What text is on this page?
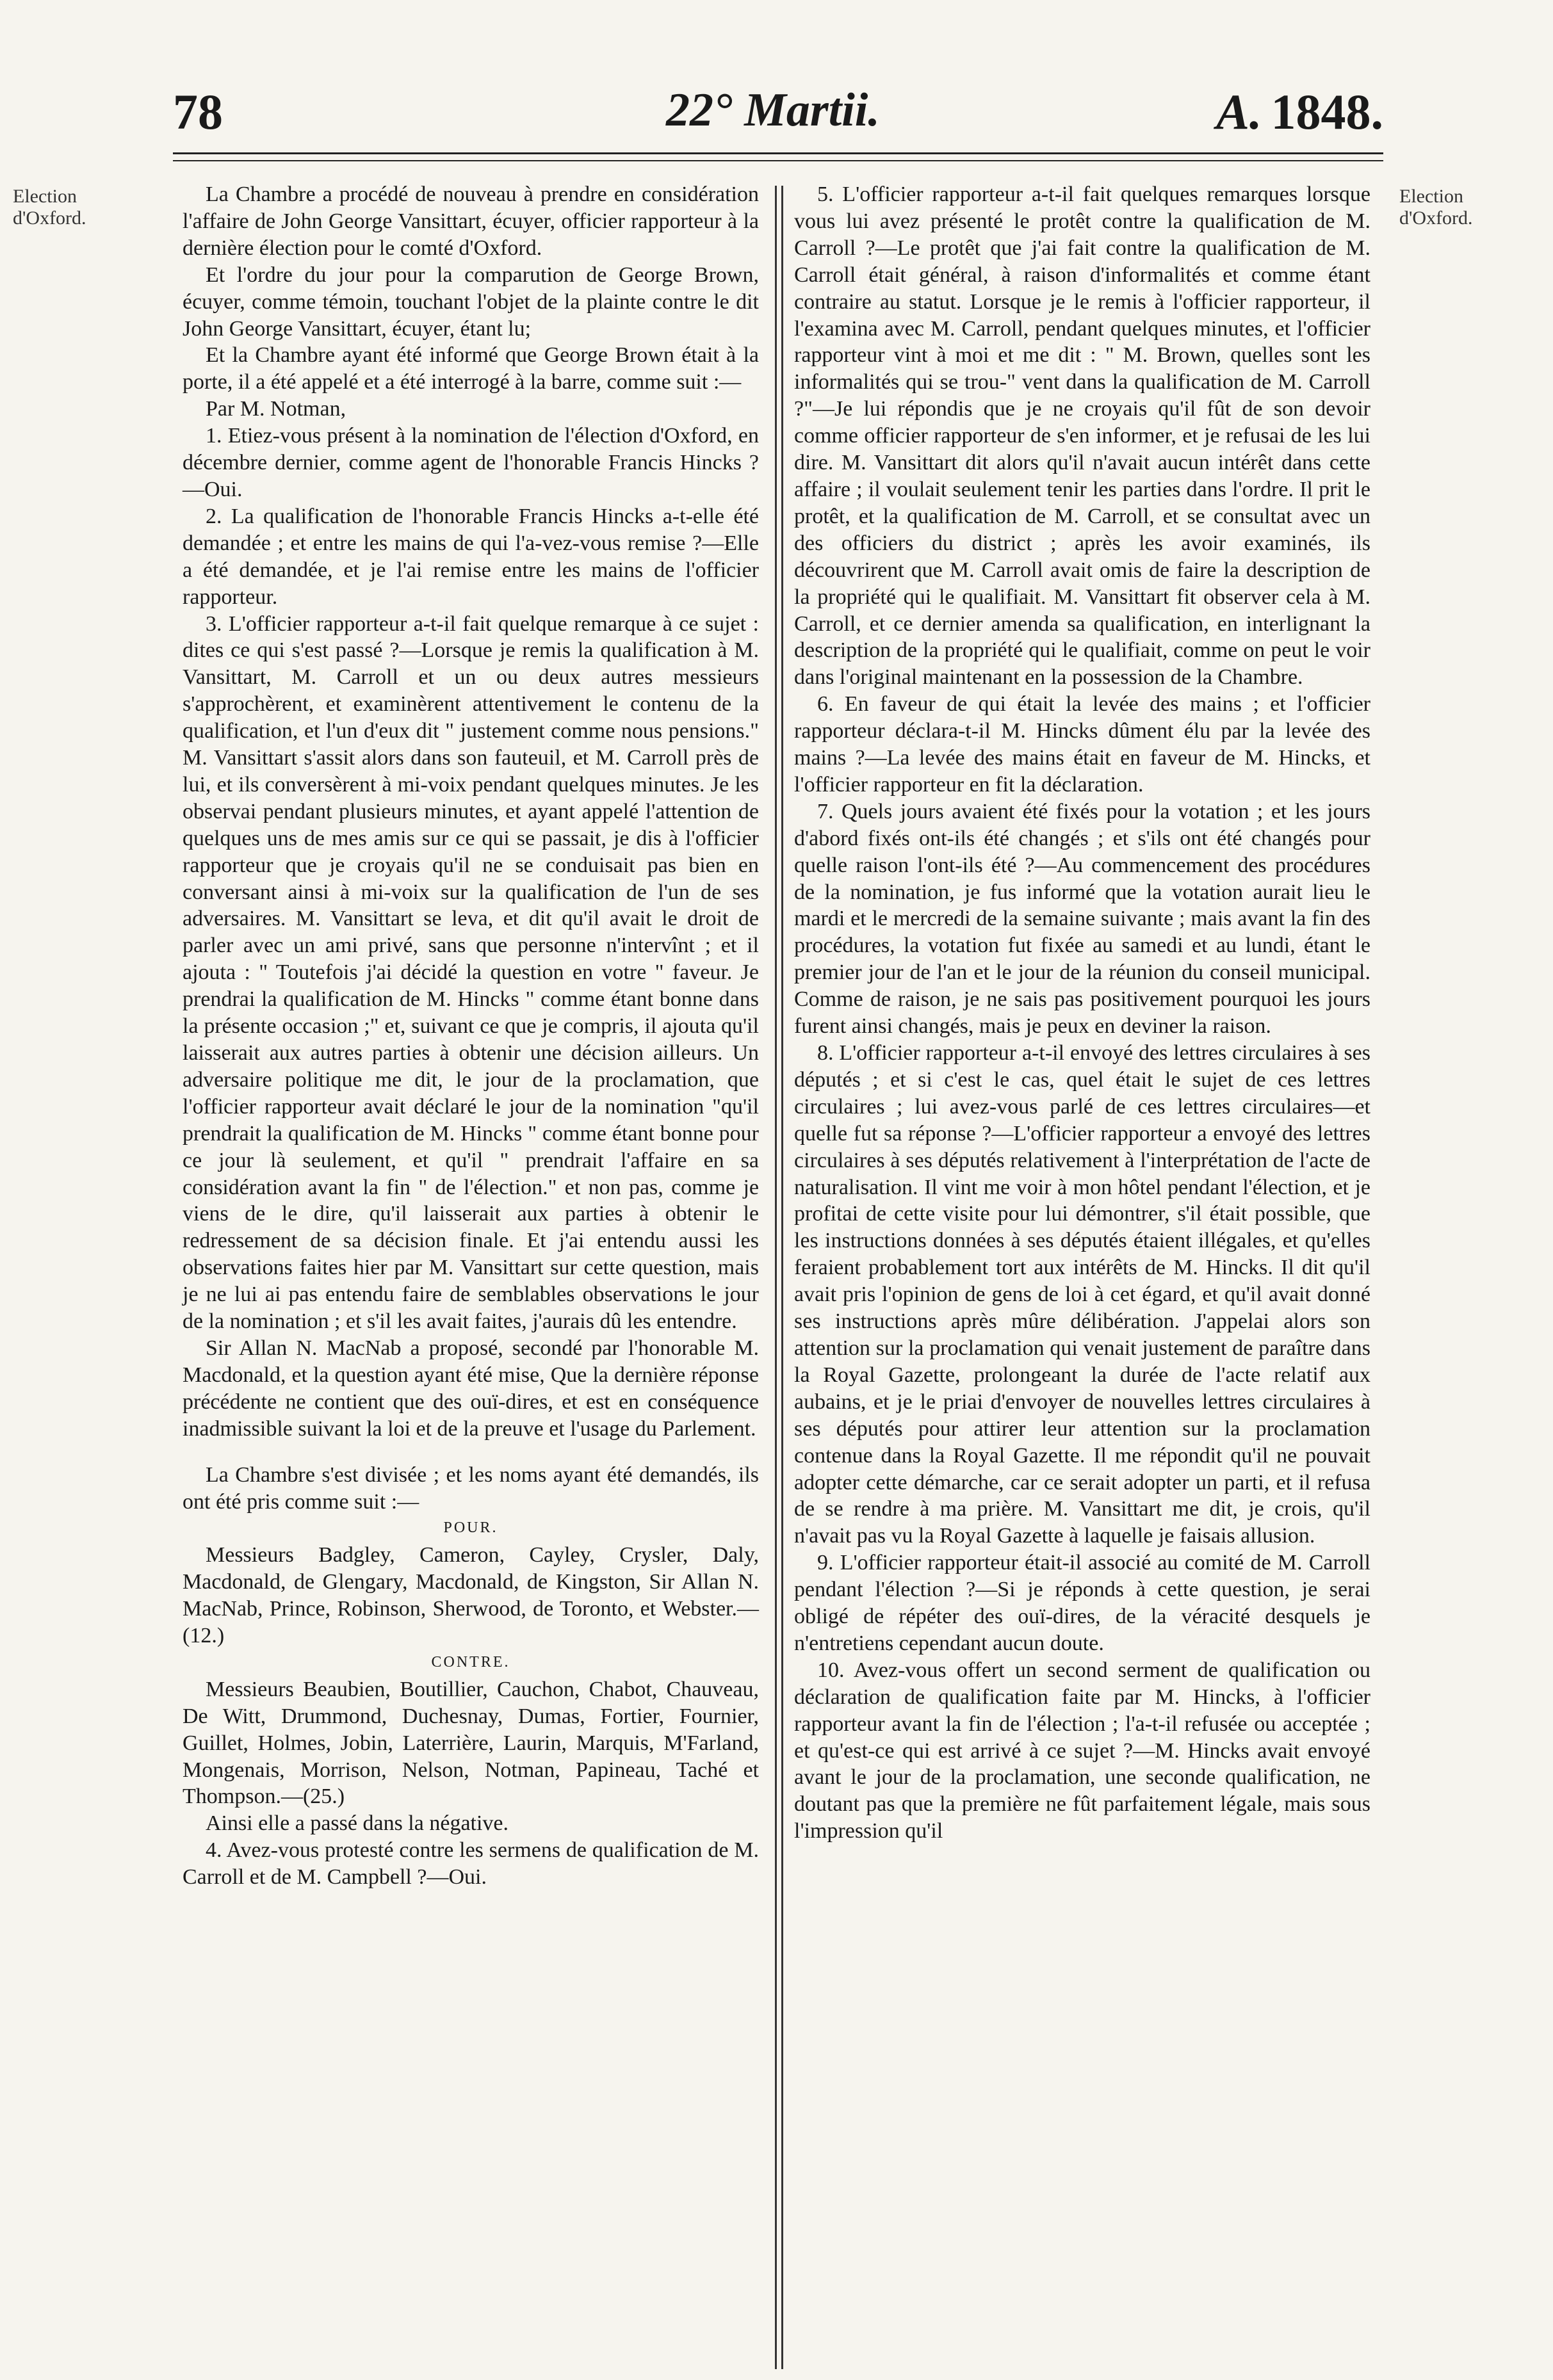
78	22° Martii.	A. 1848.
Election d'Oxford.
Election d'Oxford.

La Chambre a procédé de nouveau à prendre en considération l'affaire de John George Vansittart, écuyer, officier rapporteur à la dernière élection pour le comté d'Oxford.

Et l'ordre du jour pour la comparution de George Brown, écuyer, comme témoin, touchant l'objet de la plainte contre le dit John George Vansittart, écuyer, étant lu;

Et la Chambre ayant été informé que George Brown était à la porte, il a été appelé et a été interrogé à la barre, comme suit :—

Par M. Notman,

1. Etiez-vous présent à la nomination de l'élection d'Oxford, en décembre dernier, comme agent de l'honorable Francis Hincks ?—Oui.

2. La qualification de l'honorable Francis Hincks a-t-elle été demandée ; et entre les mains de qui l'a-vez-vous remise ?—Elle a été demandée, et je l'ai remise entre les mains de l'officier rapporteur.

3. L'officier rapporteur a-t-il fait quelque remarque à ce sujet : dites ce qui s'est passé ?—Lorsque je remis la qualification à M. Vansittart, M. Carroll et un ou deux autres messieurs s'approchèrent, et examinèrent attentivement le contenu de la qualification, et l'un d'eux dit " justement comme nous pensions." M. Vansittart s'assit alors dans son fauteuil, et M. Carroll près de lui, et ils conversèrent à mi-voix pendant quelques minutes. Je les observai pendant plusieurs minutes, et ayant appelé l'attention de quelques uns de mes amis sur ce qui se passait, je dis à l'officier rapporteur que je croyais qu'il ne se conduisait pas bien en conversant ainsi à mi-voix sur la qualification de l'un de ses adversaires. M. Vansittart se leva, et dit qu'il avait le droit de parler avec un ami privé, sans que personne n'intervînt ; et il ajouta : " Toutefois j'ai décidé la question en votre " faveur. Je prendrai la qualification de M. Hincks " comme étant bonne dans la présente occasion ;" et, suivant ce que je compris, il ajouta qu'il laisserait aux autres parties à obtenir une décision ailleurs. Un adversaire politique me dit, le jour de la proclamation, que l'officier rapporteur avait déclaré le jour de la nomination "qu'il prendrait la qualification de M. Hincks " comme étant bonne pour ce jour là seulement, et qu'il " prendrait l'affaire en sa considération avant la fin " de l'élection." et non pas, comme je viens de le dire, qu'il laisserait aux parties à obtenir le redressement de sa décision finale. Et j'ai entendu aussi les observations faites hier par M. Vansittart sur cette question, mais je ne lui ai pas entendu faire de semblables observations le jour de la nomination ; et s'il les avait faites, j'aurais dû les entendre.

Sir Allan N. MacNab a proposé, secondé par l'honorable M. Macdonald, et la question ayant été mise, Que la dernière réponse précédente ne contient que des ouï-dires, et est en conséquence inadmissible suivant la loi et de la preuve et l'usage du Parlement.

La Chambre s'est divisée ; et les noms ayant été demandés, ils ont été pris comme suit :—

POUR.

Messieurs Badgley, Cameron, Cayley, Crysler, Daly, Macdonald, de Glengary, Macdonald, de Kingston, Sir Allan N. MacNab, Prince, Robinson, Sherwood, de Toronto, et Webster.—(12.)

CONTRE.

Messieurs Beaubien, Boutillier, Cauchon, Chabot, Chauveau, De Witt, Drummond, Duchesnay, Dumas, Fortier, Fournier, Guillet, Holmes, Jobin, Laterrière, Laurin, Marquis, M'Farland, Mongenais, Morrison, Nelson, Notman, Papineau, Taché et Thompson.—(25.)

Ainsi elle a passé dans la négative.

4. Avez-vous protesté contre les sermens de qualification de M. Carroll et de M. Campbell ?—Oui.

5. L'officier rapporteur a-t-il fait quelques remarques lorsque vous lui avez présenté le protêt contre la qualification de M. Carroll ?—Le protêt que j'ai fait contre la qualification de M. Carroll était général, à raison d'informalités et comme étant contraire au statut. Lorsque je le remis à l'officier rapporteur, il l'examina avec M. Carroll, pendant quelques minutes, et l'officier rapporteur vint à moi et me dit : " M. Brown, quelles sont les informalités qui se trou-" vent dans la qualification de M. Carroll ?"—Je lui répondis que je ne croyais qu'il fût de son devoir comme officier rapporteur de s'en informer, et je refusai de les lui dire. M. Vansittart dit alors qu'il n'avait aucun intérêt dans cette affaire ; il voulait seulement tenir les parties dans l'ordre. Il prit le protêt, et la qualification de M. Carroll, et se consultat avec un des officiers du district ; après les avoir examinés, ils découvrirent que M. Carroll avait omis de faire la description de la propriété qui le qualifiait. M. Vansittart fit observer cela à M. Carroll, et ce dernier amenda sa qualification, en interlignant la description de la propriété qui le qualifiait, comme on peut le voir dans l'original maintenant en la possession de la Chambre.

6. En faveur de qui était la levée des mains ; et l'officier rapporteur déclara-t-il M. Hincks dûment élu par la levée des mains ?—La levée des mains était en faveur de M. Hincks, et l'officier rapporteur en fit la déclaration.

7. Quels jours avaient été fixés pour la votation ; et les jours d'abord fixés ont-ils été changés ; et s'ils ont été changés pour quelle raison l'ont-ils été ?—Au commencement des procédures de la nomination, je fus informé que la votation aurait lieu le mardi et le mercredi de la semaine suivante ; mais avant la fin des procédures, la votation fut fixée au samedi et au lundi, étant le premier jour de l'an et le jour de la réunion du conseil municipal. Comme de raison, je ne sais pas positivement pourquoi les jours furent ainsi changés, mais je peux en deviner la raison.

8. L'officier rapporteur a-t-il envoyé des lettres circulaires à ses députés ; et si c'est le cas, quel était le sujet de ces lettres circulaires ; lui avez-vous parlé de ces lettres circulaires—et quelle fut sa réponse ?—L'officier rapporteur a envoyé des lettres circulaires à ses députés relativement à l'interprétation de l'acte de naturalisation. Il vint me voir à mon hôtel pendant l'élection, et je profitai de cette visite pour lui démontrer, s'il était possible, que les instructions données à ses députés étaient illégales, et qu'elles feraient probablement tort aux intérêts de M. Hincks. Il dit qu'il avait pris l'opinion de gens de loi à cet égard, et qu'il avait donné ses instructions après mûre délibération. J'appelai alors son attention sur la proclamation qui venait justement de paraître dans la Royal Gazette, prolongeant la durée de l'acte relatif aux aubains, et je le priai d'envoyer de nouvelles lettres circulaires à ses députés pour attirer leur attention sur la proclamation contenue dans la Royal Gazette. Il me répondit qu'il ne pouvait adopter cette démarche, car ce serait adopter un parti, et il refusa de se rendre à ma prière. M. Vansittart me dit, je crois, qu'il n'avait pas vu la Royal Gazette à laquelle je faisais allusion.

9. L'officier rapporteur était-il associé au comité de M. Carroll pendant l'élection ?—Si je réponds à cette question, je serai obligé de répéter des ouï-dires, de la véracité desquels je n'entretiens cependant aucun doute.

10. Avez-vous offert un second serment de qualification ou déclaration de qualification faite par M. Hincks, à l'officier rapporteur avant la fin de l'élection ; l'a-t-il refusée ou acceptée ; et qu'est-ce qui est arrivé à ce sujet ?—M. Hincks avait envoyé avant le jour de la proclamation, une seconde qualification, ne doutant pas que la première ne fût parfaitement légale, mais sous l'impression qu'il
